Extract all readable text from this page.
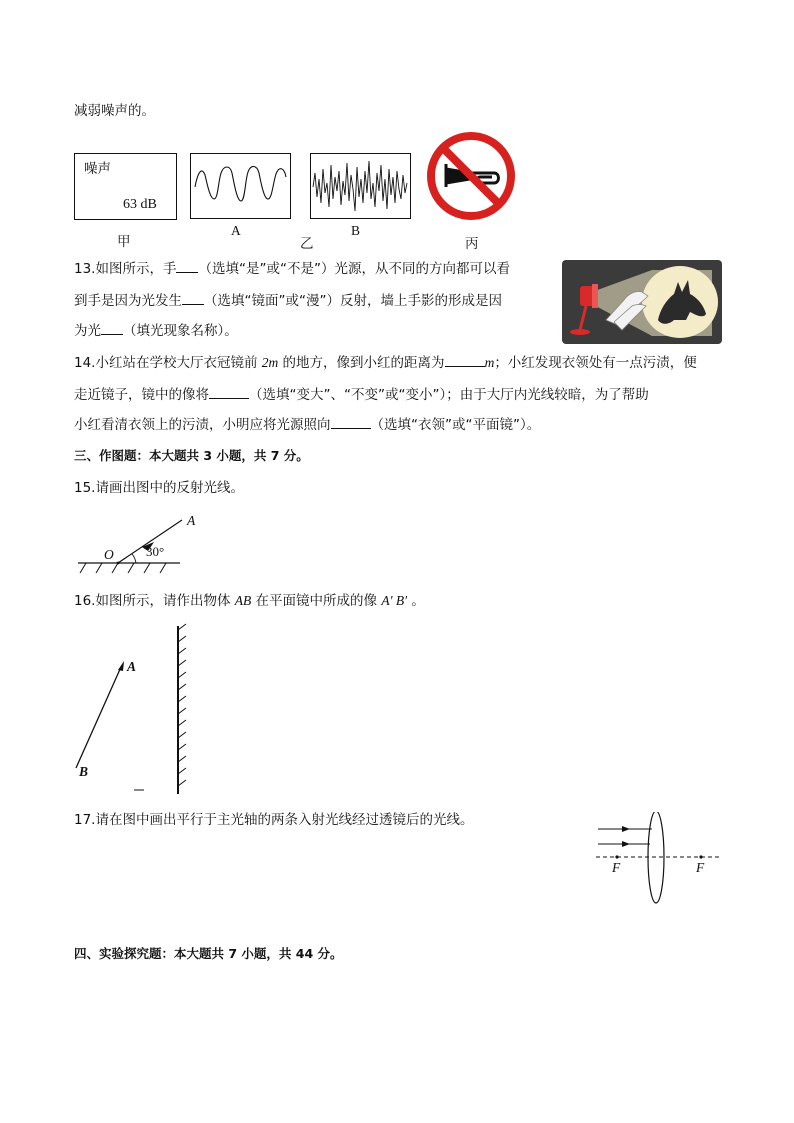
减弱噪声的。
噪声
63 dB
甲
A	B
乙	丙
13.如图所示，手 （选填“是”或“不是”）光源，从不同的方向都可以看
到手是因为光发生 （选填“镜面”或“漫”）反射，墙上手影的形成是因
为光 （填光现象名称）。
14.小红站在学校大厅衣冠镜前 2m 的地方，像到小红的距离为	m；小红发现衣领处有一点污渍，便
走近镜子，镜中的像将	（选填“变大”、“不变”或“变小”）；由于大厅内光线较暗，为了帮助
小红看清衣领上的污渍，小明应将光源照向	（选填“衣领”或“平面镜”）。
三、作图题：本大题共 3 小题，共 7 分。
15.请画出图中的反射光线。
A
O 30°
16.如图所示，请作出物体 AB 在平面镜中所成的像 A′ B′ 。
A
B
17.请在图中画出平行于主光轴的两条入射光线经过透镜后的光线。
F	F
四、实验探究题：本大题共 7 小题，共 44 分。
